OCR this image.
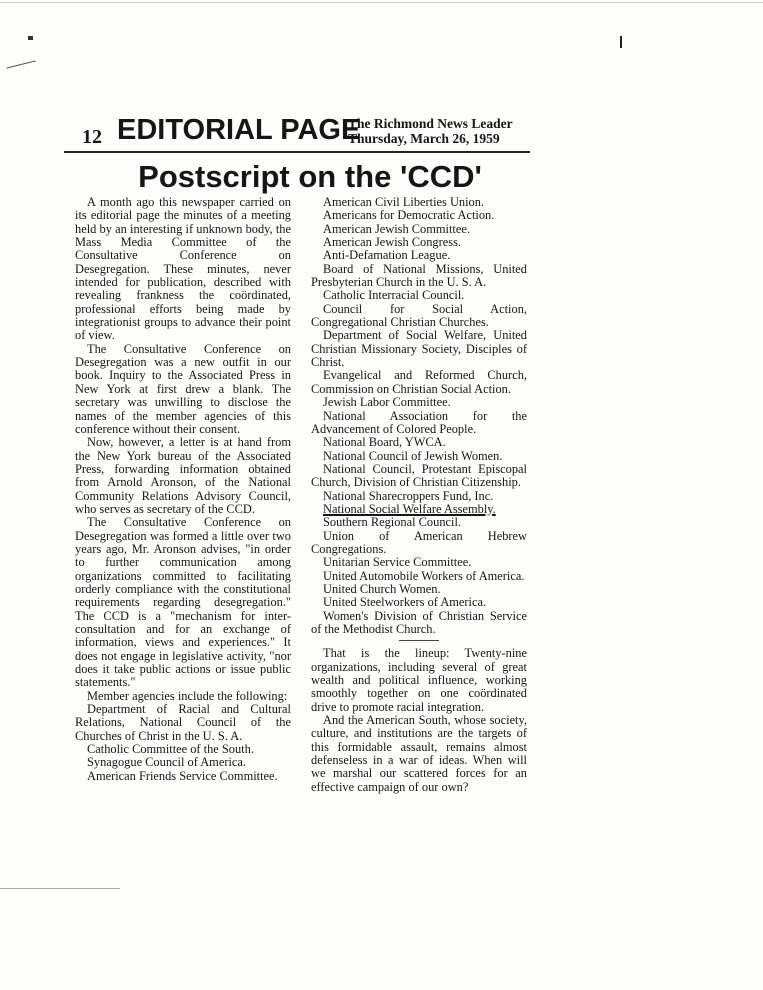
12 EDITORIAL PAGE
The Richmond News Leader
Thursday, March 26, 1959
Postscript on the 'CCD'

A month ago this newspaper carried on its editorial page the minutes of a meeting held by an interesting if unknown body, the Mass Media Committee of the Consultative Conference on Desegregation. These minutes, never intended for publication, described with revealing frankness the coördinated, professional efforts being made by integrationist groups to advance their point of view.

The Consultative Conference on Desegregation was a new outfit in our book. Inquiry to the Associated Press in New York at first drew a blank. The secretary was unwilling to disclose the names of the member agencies of this conference without their consent.

Now, however, a letter is at hand from the New York bureau of the Associated Press, forwarding information obtained from Arnold Aronson, of the National Community Relations Advisory Council, who serves as secretary of the CCD.

The Consultative Conference on Desegregation was formed a little over two years ago, Mr. Aronson advises, "in order to further communication among organizations committed to facilitating orderly compliance with the constitutional requirements regarding desegregation." The CCD is a "mechanism for inter-consultation and for an exchange of information, views and experiences." It does not engage in legislative activity, "nor does it take public actions or issue public statements."

Member agencies include the following:

Department of Racial and Cultural Relations, National Council of the Churches of Christ in the U. S. A.

Catholic Committee of the South.

Synagogue Council of America.

American Friends Service Committee.

American Civil Liberties Union.

Americans for Democratic Action.

American Jewish Committee.

American Jewish Congress.

Anti-Defamation League.

Board of National Missions, United Presbyterian Church in the U. S. A.

Catholic Interracial Council.

Council for Social Action, Congregational Christian Churches.

Department of Social Welfare, United Christian Missionary Society, Disciples of Christ.

Evangelical and Reformed Church, Commission on Christian Social Action.

Jewish Labor Committee.

National Association for the Advancement of Colored People.

National Board, YWCA.

National Council of Jewish Women.

National Council, Protestant Episcopal Church, Division of Christian Citizenship.

National Sharecroppers Fund, Inc.

National Social Welfare Assembly.

Southern Regional Council.

Union of American Hebrew Congregations.

Unitarian Service Committee.

United Automobile Workers of America.

United Church Women.

United Steelworkers of America.

Women's Division of Christian Service of the Methodist Church.

That is the lineup: Twenty-nine organizations, including several of great wealth and political influence, working smoothly together on one coördinated drive to promote racial integration.

And the American South, whose society, culture, and institutions are the targets of this formidable assault, remains almost defenseless in a war of ideas. When will we marshal our scattered forces for an effective campaign of our own?
